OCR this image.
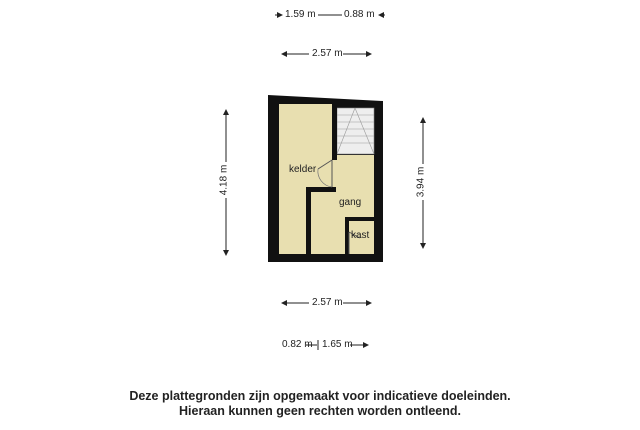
1.59 m	0.88 m
2.57 m
2.57 m
0.82 m 1.65 m
4.18 m	3.94 m
kelder
gang
kast
Deze plattegronden zijn opgemaakt voor indicatieve doeleinden.
Hieraan kunnen geen rechten worden ontleend.
